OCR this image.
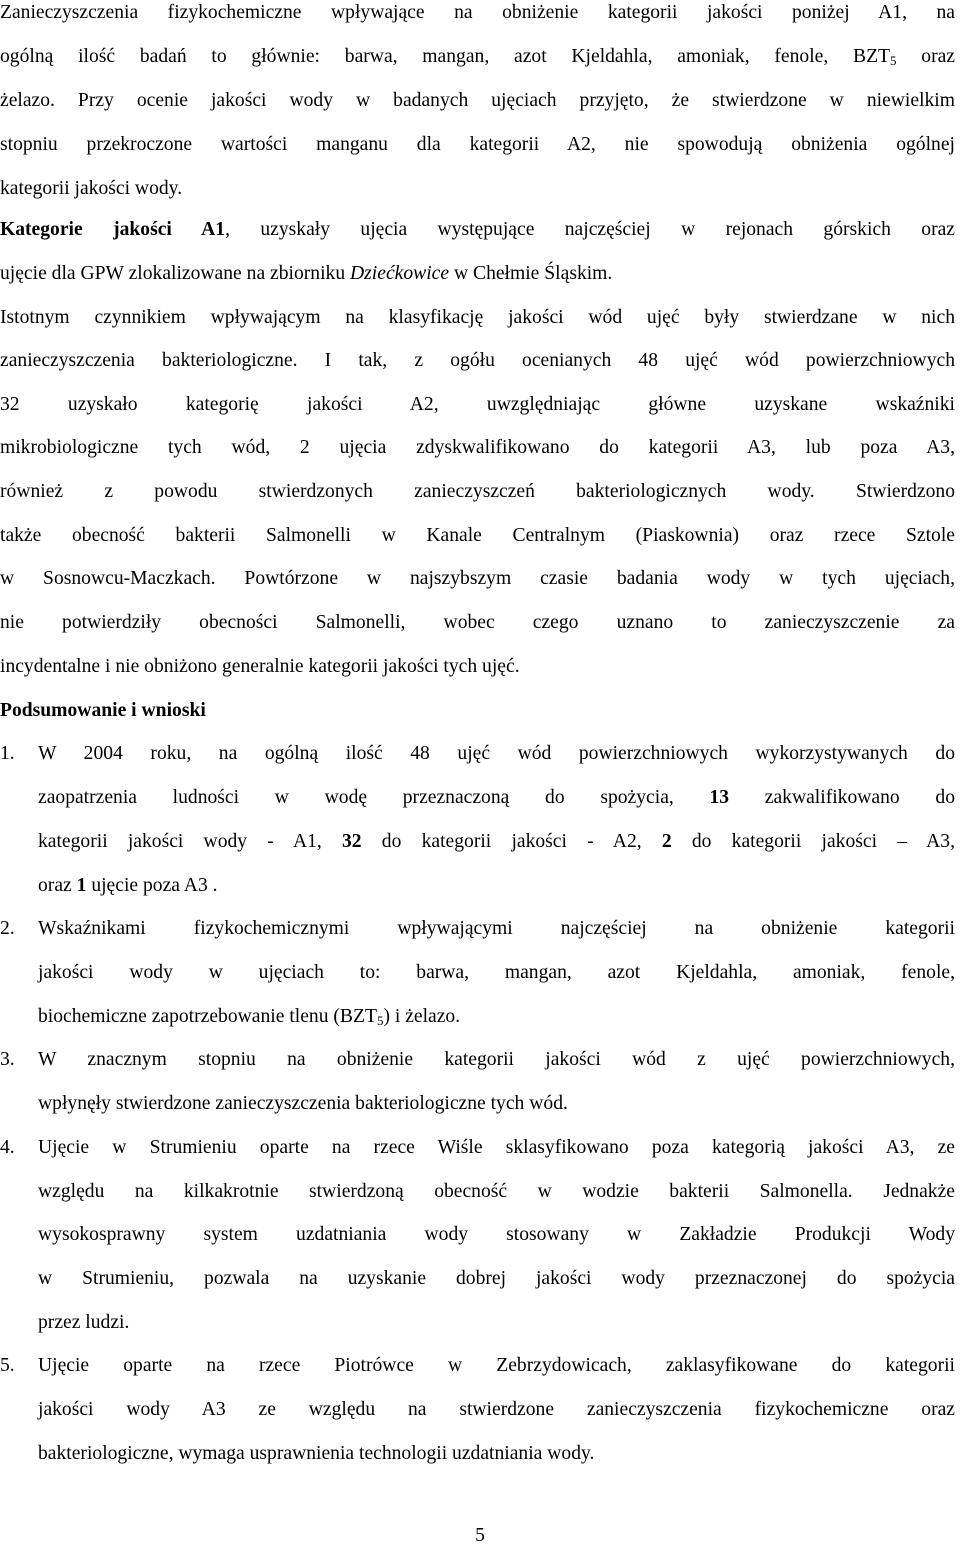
Zanieczyszczenia fizykochemiczne wpływające na obniżenie kategorii jakości poniżej A1, na
ogólną ilość badań to głównie: barwa, mangan, azot Kjeldahla, amoniak, fenole, $BZT_5$ oraz
żelazo. Przy ocenie jakości wody w badanych ujęciach przyjęto, że stwierdzone w niewielkim
stopniu przekroczone wartości manganu dla kategorii A2, nie spowodują obniżenia ogólnej
kategorii jakości wody.
Kategorie jakości A1, uzyskały ujęcia występujące najczęściej w rejonach górskich oraz
ujęcie dla GPW zlokalizowane na zbiorniku Dziećkowice w Chełmie Śląskim.
Istotnym czynnikiem wpływającym na klasyfikację jakości wód ujęć były stwierdzane w nich
zanieczyszczenia bakteriologiczne. I tak, z ogółu ocenianych 48 ujęć wód powierzchniowych
32 uzyskało kategorię jakości A2, uwzględniając główne uzyskane wskaźniki
mikrobiologiczne tych wód, 2 ujęcia zdyskwalifikowano do kategorii A3, lub poza A3,
również z powodu stwierdzonych zanieczyszczeń bakteriologicznych wody. Stwierdzono
także obecność bakterii Salmonelli w Kanale Centralnym (Piaskownia) oraz rzece Sztole
w Sosnowcu-Maczkach. Powtórzone w najszybszym czasie badania wody w tych ujęciach,
nie potwierdziły obecności Salmonelli, wobec czego uznano to zanieczyszczenie za
incydentalne i nie obniżono generalnie kategorii jakości tych ujęć.
Podsumowanie i wnioski
1.	W 2004 roku, na ogólną ilość 48 ujęć wód powierzchniowych wykorzystywanych do
zaopatrzenia ludności w wodę przeznaczoną do spożycia, 13 zakwalifikowano do
kategorii jakości wody - A1, 32 do kategorii jakości - A2, 2 do kategorii jakości – A3,
oraz 1 ujęcie poza A3 .
2.	Wskaźnikami fizykochemicznymi wpływającymi najczęściej na obniżenie kategorii
jakości wody w ujęciach to: barwa, mangan, azot Kjeldahla, amoniak, fenole,
biochemiczne zapotrzebowanie tlenu $(BZT_5)$ i żelazo.
3.	W znacznym stopniu na obniżenie kategorii jakości wód z ujęć powierzchniowych,
wpłynęły stwierdzone zanieczyszczenia bakteriologiczne tych wód.
4.	Ujęcie w Strumieniu oparte na rzece Wiśle sklasyfikowano poza kategorią jakości A3, ze
względu na kilkakrotnie stwierdzoną obecność w wodzie bakterii Salmonella. Jednakże
wysokosprawny system uzdatniania wody stosowany w Zakładzie Produkcji Wody
w Strumieniu, pozwala na uzyskanie dobrej jakości wody przeznaczonej do spożycia
przez ludzi.
5.	Ujęcie oparte na rzece Piotrówce w Zebrzydowicach, zaklasyfikowane do kategorii
jakości wody A3 ze względu na stwierdzone zanieczyszczenia fizykochemiczne oraz
bakteriologiczne, wymaga usprawnienia technologii uzdatniania wody.
5
